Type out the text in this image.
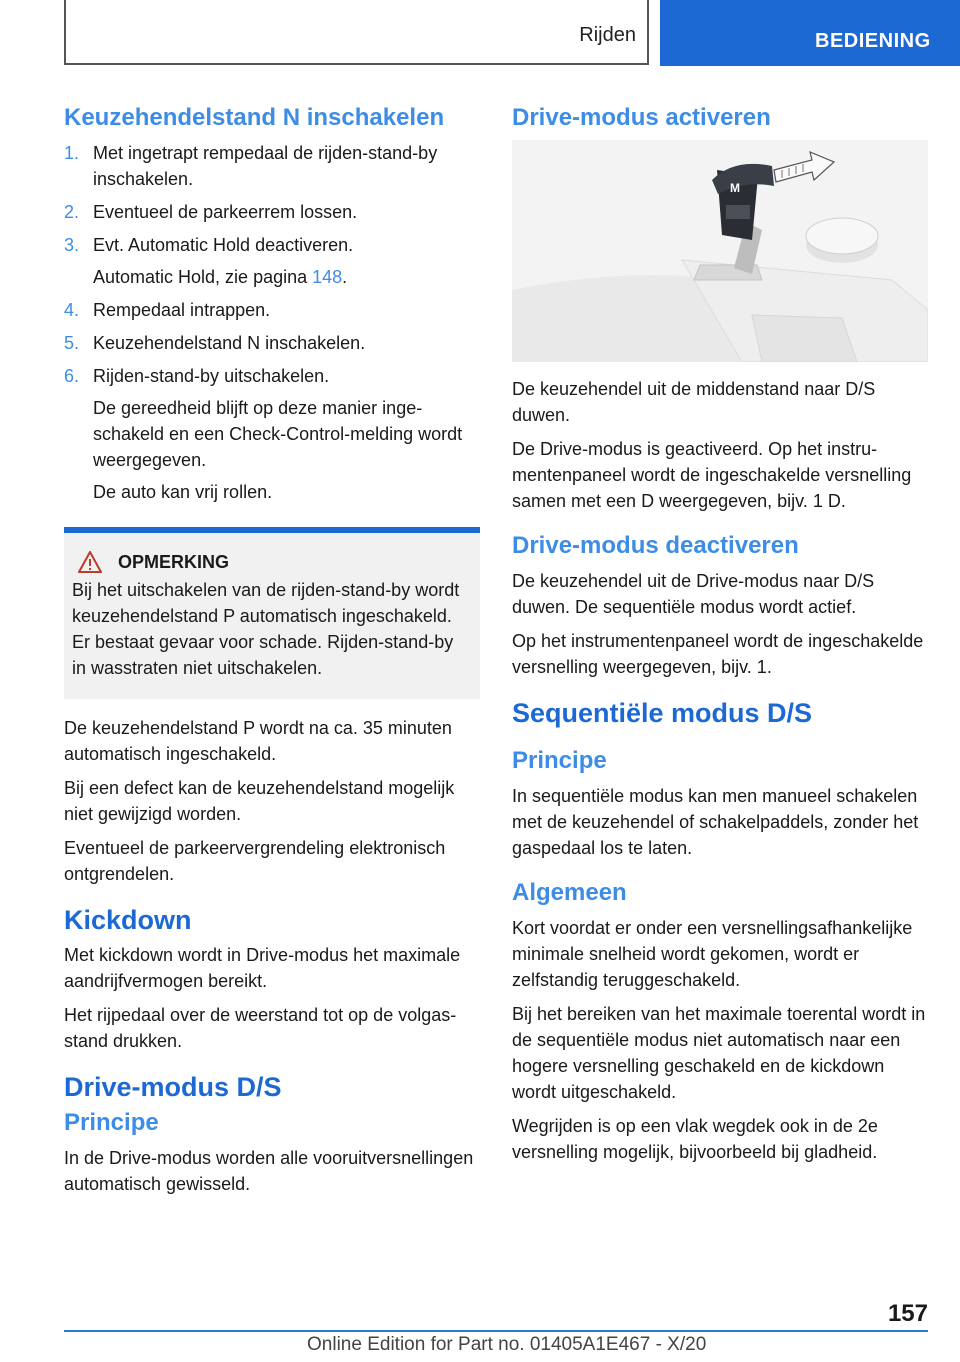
Rijden	BEDIENING
Keuzehendelstand N inschakelen
1. Met ingetrapt rempedaal de rijden-stand-by inschakelen.
2. Eventueel de parkeerrem lossen.
3. Evt. Automatic Hold deactiveren.
Automatic Hold, zie pagina 148.
4. Rempedaal intrappen.
5. Keuzehendelstand N inschakelen.
6. Rijden-stand-by uitschakelen.
De gereedheid blijft op deze manier ingeschakeld en een Check-Control-melding wordt weergegeven.
De auto kan vrij rollen.
OPMERKING

Bij het uitschakelen van de rijden-stand-by wordt keuzehendelstand P automatisch ingeschakeld. Er bestaat gevaar voor schade. Rijden-stand-by in wasstraten niet uitschakelen.

De keuzehendelstand P wordt na ca. 35 minuten automatisch ingeschakeld.

Bij een defect kan de keuzehendelstand mogelijk niet gewijzigd worden.

Eventueel de parkeervergrendeling elektronisch ontgrendelen.

Kickdown

Met kickdown wordt in Drive-modus het maximale aandrijfvermogen bereikt.

Het rijpedaal over de weerstand tot op de volgasstand drukken.

Drive-modus D/S
Principe

In de Drive-modus worden alle vooruitversnellingen automatisch gewisseld.

Drive-modus activeren
M

De keuzehendel uit de middenstand naar D/S duwen.

De Drive-modus is geactiveerd. Op het instrumentenpaneel wordt de ingeschakelde versnelling samen met een D weergegeven, bijv. 1 D.

Drive-modus deactiveren

De keuzehendel uit de Drive-modus naar D/S duwen. De sequentiële modus wordt actief.

Op het instrumentenpaneel wordt de ingeschakelde versnelling weergegeven, bijv. 1.

Sequentiële modus D/S
Principe

In sequentiële modus kan men manueel schakelen met de keuzehendel of schakelpaddels, zonder het gaspedaal los te laten.

Algemeen

Kort voordat er onder een versnellingsafhankelijke minimale snelheid wordt gekomen, wordt er zelfstandig teruggeschakeld.

Bij het bereiken van het maximale toerental wordt in de sequentiële modus niet automatisch naar een hogere versnelling geschakeld en de kickdown wordt uitgeschakeld.

Wegrijden is op een vlak wegdek ook in de 2e versnelling mogelijk, bijvoorbeeld bij gladheid.

157
Online Edition for Part no. 01405A1E467 - X/20
